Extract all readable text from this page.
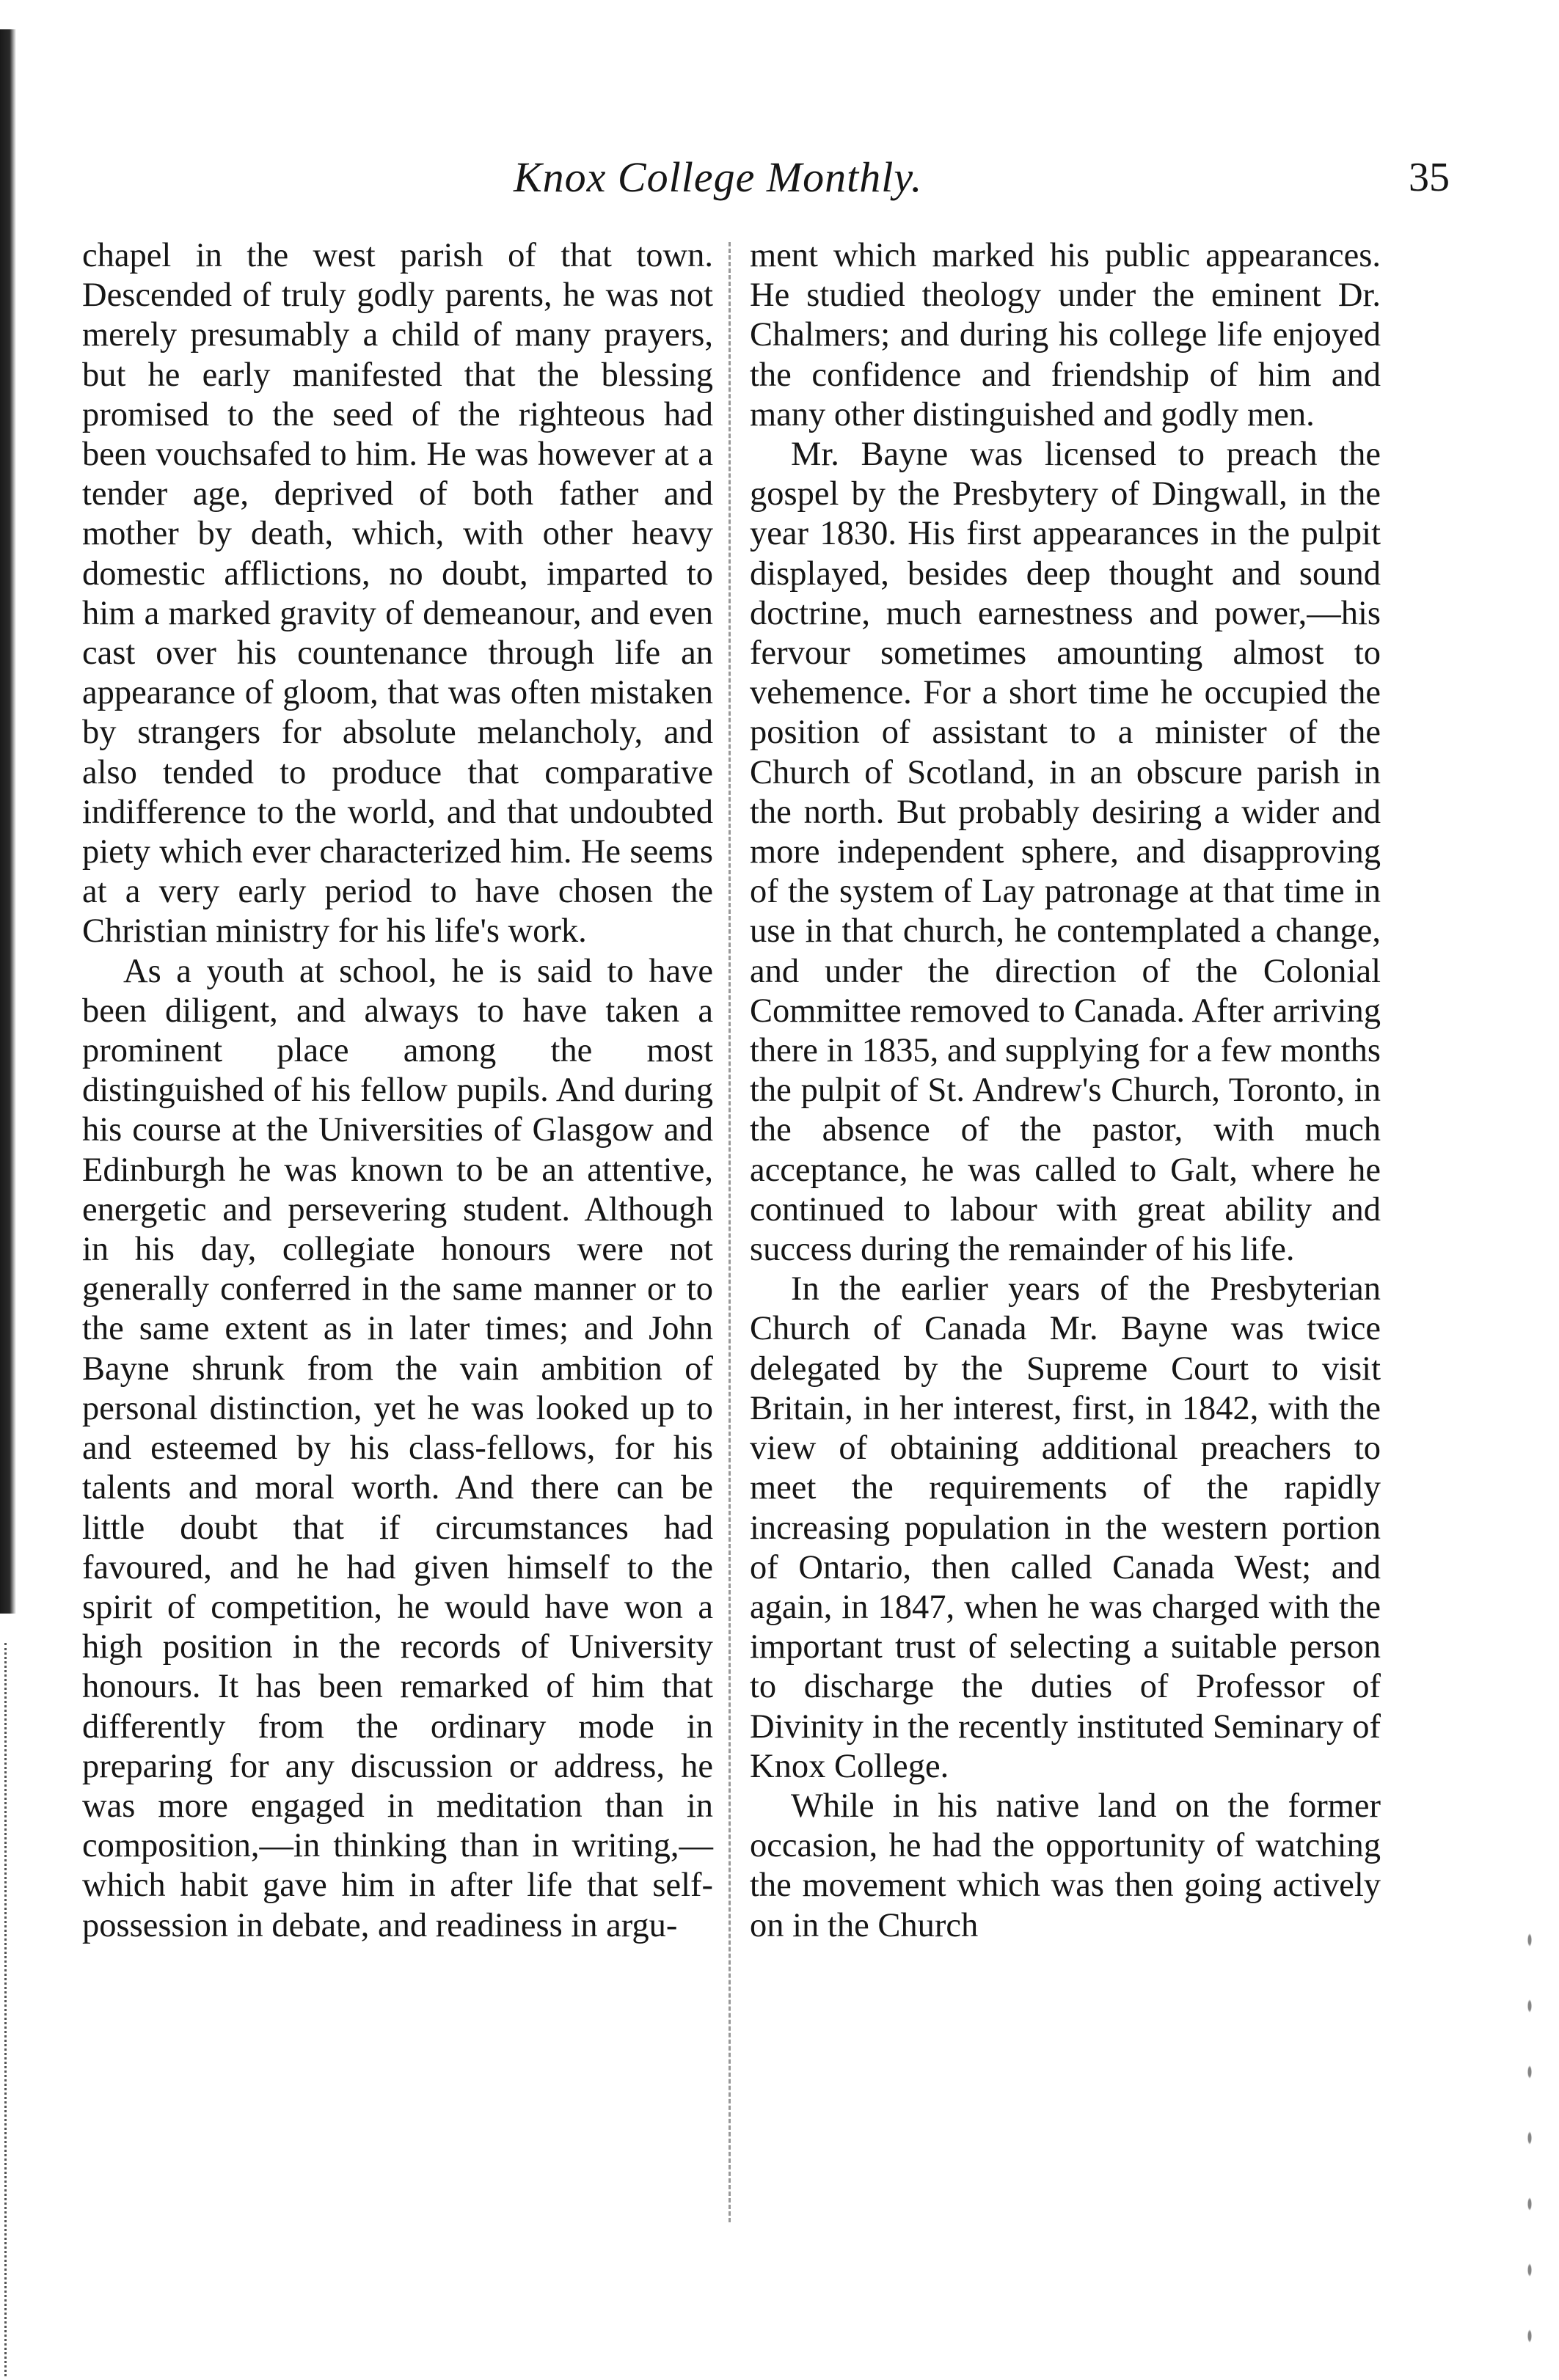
Knox College Monthly.	35

chapel in the west parish of that town. Descended of truly godly parents, he was not merely presumably a child of many prayers, but he early manifested that the blessing promised to the seed of the righteous had been vouchsafed to him. He was however at a tender age, deprived of both father and mother by death, which, with other heavy domestic afflictions, no doubt, imparted to him a marked gravity of demeanour, and even cast over his countenance through life an appearance of gloom, that was often mistaken by strangers for absolute melancholy, and also tended to produce that comparative indifference to the world, and that undoubted piety which ever characterized him. He seems at a very early period to have chosen the Christian ministry for his life's work.

As a youth at school, he is said to have been diligent, and always to have taken a prominent place among the most distinguished of his fellow pupils. And during his course at the Universities of Glasgow and Edinburgh he was known to be an attentive, energetic and persevering student. Although in his day, collegiate honours were not generally conferred in the same manner or to the same extent as in later times; and John Bayne shrunk from the vain ambition of personal distinction, yet he was looked up to and esteemed by his class-fellows, for his talents and moral worth. And there can be little doubt that if circumstances had favoured, and he had given himself to the spirit of competition, he would have won a high position in the records of University honours. It has been remarked of him that differently from the ordinary mode in preparing for any discussion or address, he was more engaged in meditation than in composition,—in thinking than in writing,—which habit gave him in after life that self-possession in debate, and readiness in argu-

ment which marked his public appearances. He studied theology under the eminent Dr. Chalmers; and during his college life enjoyed the confidence and friendship of him and many other distinguished and godly men.

Mr. Bayne was licensed to preach the gospel by the Presbytery of Dingwall, in the year 1830. His first appearances in the pulpit displayed, besides deep thought and sound doctrine, much earnestness and power,—his fervour sometimes amounting almost to vehemence. For a short time he occupied the position of assistant to a minister of the Church of Scotland, in an obscure parish in the north. But probably desiring a wider and more independent sphere, and disapproving of the system of Lay patronage at that time in use in that church, he contemplated a change, and under the direction of the Colonial Committee removed to Canada. After arriving there in 1835, and supplying for a few months the pulpit of St. Andrew's Church, Toronto, in the absence of the pastor, with much acceptance, he was called to Galt, where he continued to labour with great ability and success during the remainder of his life.

In the earlier years of the Presbyterian Church of Canada Mr. Bayne was twice delegated by the Supreme Court to visit Britain, in her interest, first, in 1842, with the view of obtaining additional preachers to meet the requirements of the rapidly increasing population in the western portion of Ontario, then called Canada West; and again, in 1847, when he was charged with the important trust of selecting a suitable person to discharge the duties of Professor of Divinity in the recently instituted Seminary of Knox College.

While in his native land on the former occasion, he had the opportunity of watching the movement which was then going actively on in the Church
